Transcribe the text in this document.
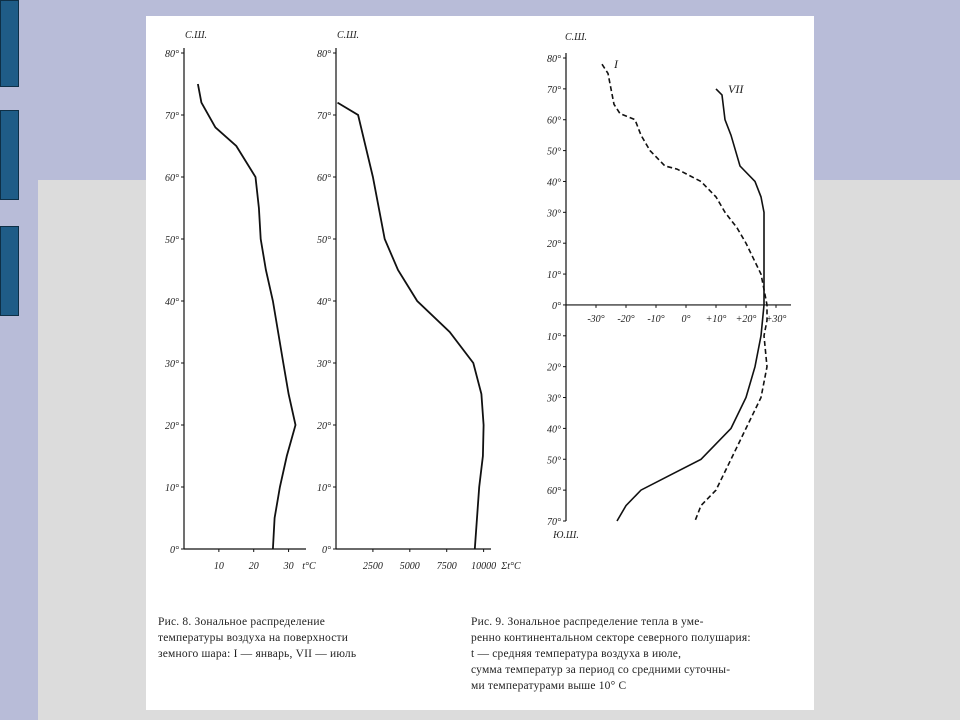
С.Ш.
0°
10°
20°
30°
40°
50°
60°
70°
80°
10 20 30 t°C
С.Ш.
0°
10°
20°
30°
40°
50°
60°
70°
80°
2500 5000 7500 10000 Σt°C
С.Ш.
Ю.Ш.
80°
70°
60°
50°
40°
30°
20°
10°
0°
10°
20°
30°
40°
50°
60°
70°
-30° -20° -10° 0° +10° +20° +30°
I
VII
Рис. 8. Зональное распределение
температуры воздуха на поверхности
земного шара: I — январь, VII — июль
Рис. 9. Зональное распределение тепла в уме-
ренно континентальном секторе северного полушария:
t — средняя температура воздуха в июле,
сумма температур за период со средними суточны-
ми температурами выше 10° С
